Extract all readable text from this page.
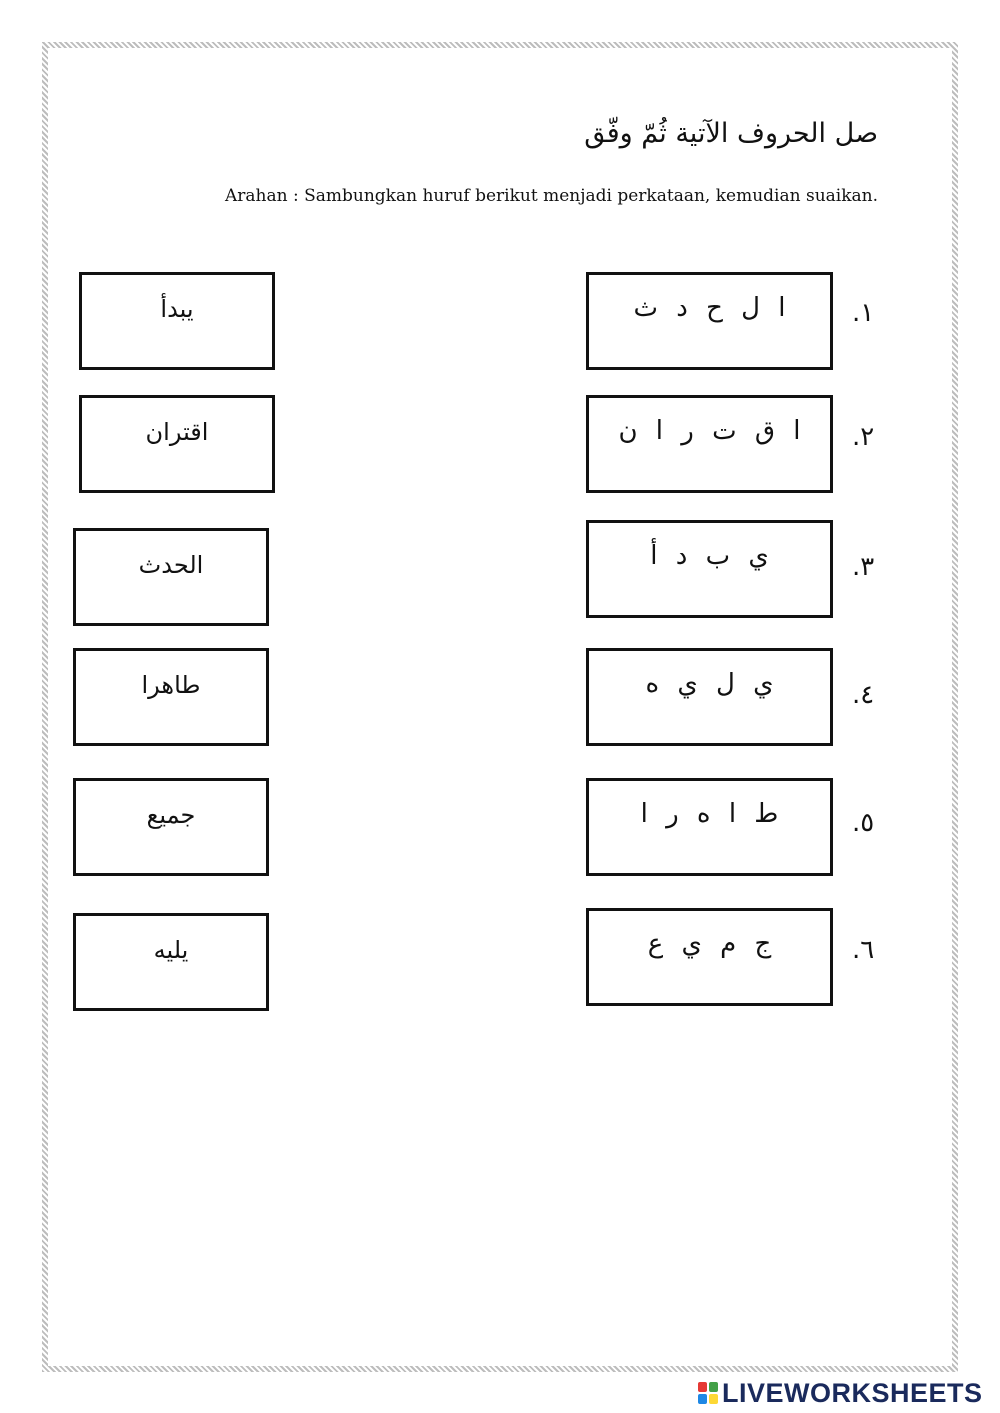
صل الحروف الآتية ثُمّ وفّق
Arahan : Sambungkan huruf berikut menjadi perkataan, kemudian suaikan.
يبدأ
اقتران
الحدث
طاهرا
جميع
يليه
ا ل ح د ث
ا ق ت ر ا ن
ي ب د أ
ي ل ي ه
ط ا ه ر ا
ج م ي ع
.١
.٢
.٣
.٤
.٥
.٦
LIVEWORKSHEETS
